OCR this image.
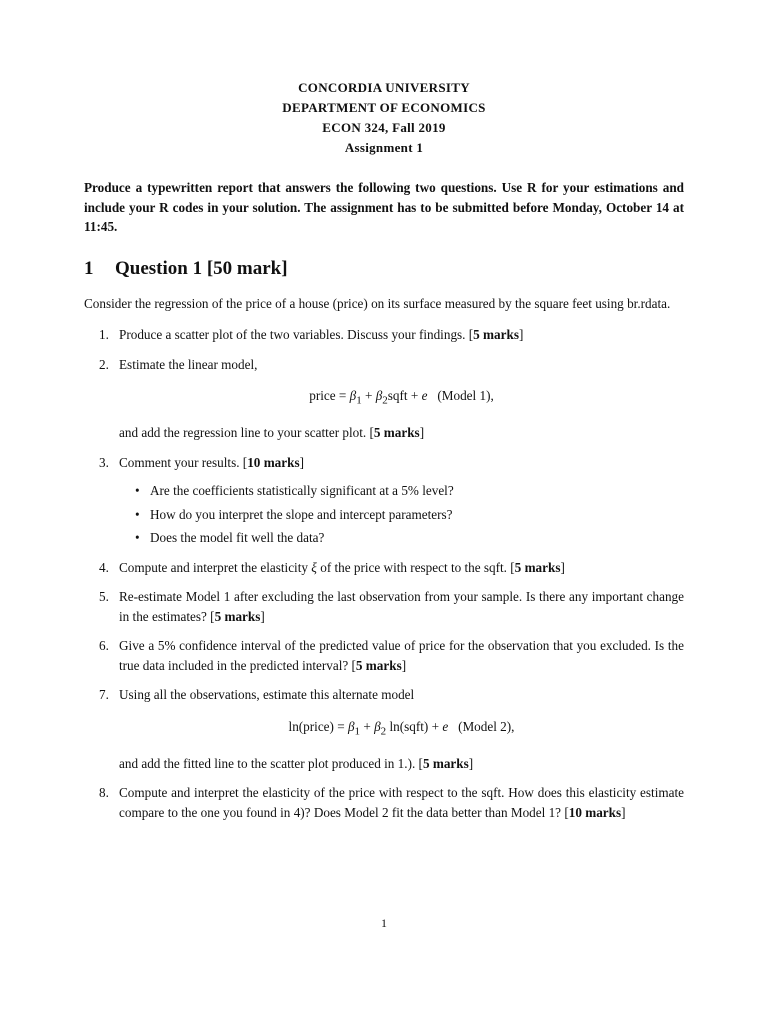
CONCORDIA UNIVERSITY
DEPARTMENT OF ECONOMICS
ECON 324, Fall 2019
Assignment 1
Produce a typewritten report that answers the following two questions. Use R for your estimations and include your R codes in your solution. The assignment has to be submitted before Monday, October 14 at 11:45.
1	Question 1 [50 mark]
Consider the regression of the price of a house (price) on its surface measured by the square feet using br.rdata.
1. Produce a scatter plot of the two variables. Discuss your findings. [5 marks]
2. Estimate the linear model,
price = $\beta_1$ + $\beta_2sqft + e$ (Model 1),
and add the regression line to your scatter plot. [5 marks]
3. Comment your results. [10 marks]
• Are the coefficients statistically significant at a 5% level?
• How do you interpret the slope and intercept parameters?
• Does the model fit well the data?
4. Compute and interpret the elasticity ξ of the price with respect to the sqft. [5 marks]
5. Re-estimate Model 1 after excluding the last observation from your sample. Is there any important change in the estimates? [5 marks]
6. Give a 5% confidence interval of the predicted value of price for the observation that you excluded. Is the true data included in the predicted interval? [5 marks]
7. Using all the observations, estimate this alternate model
ln(price) = $\beta_1 + \beta_2$ ln(sqft) + e (Model 2),
and add the fitted line to the scatter plot produced in 1.). [5 marks]
8. Compute and interpret the elasticity of the price with respect to the sqft. How does this elasticity estimate compare to the one you found in 4)? Does Model 2 fit the data better than Model 1? [10 marks]
1
